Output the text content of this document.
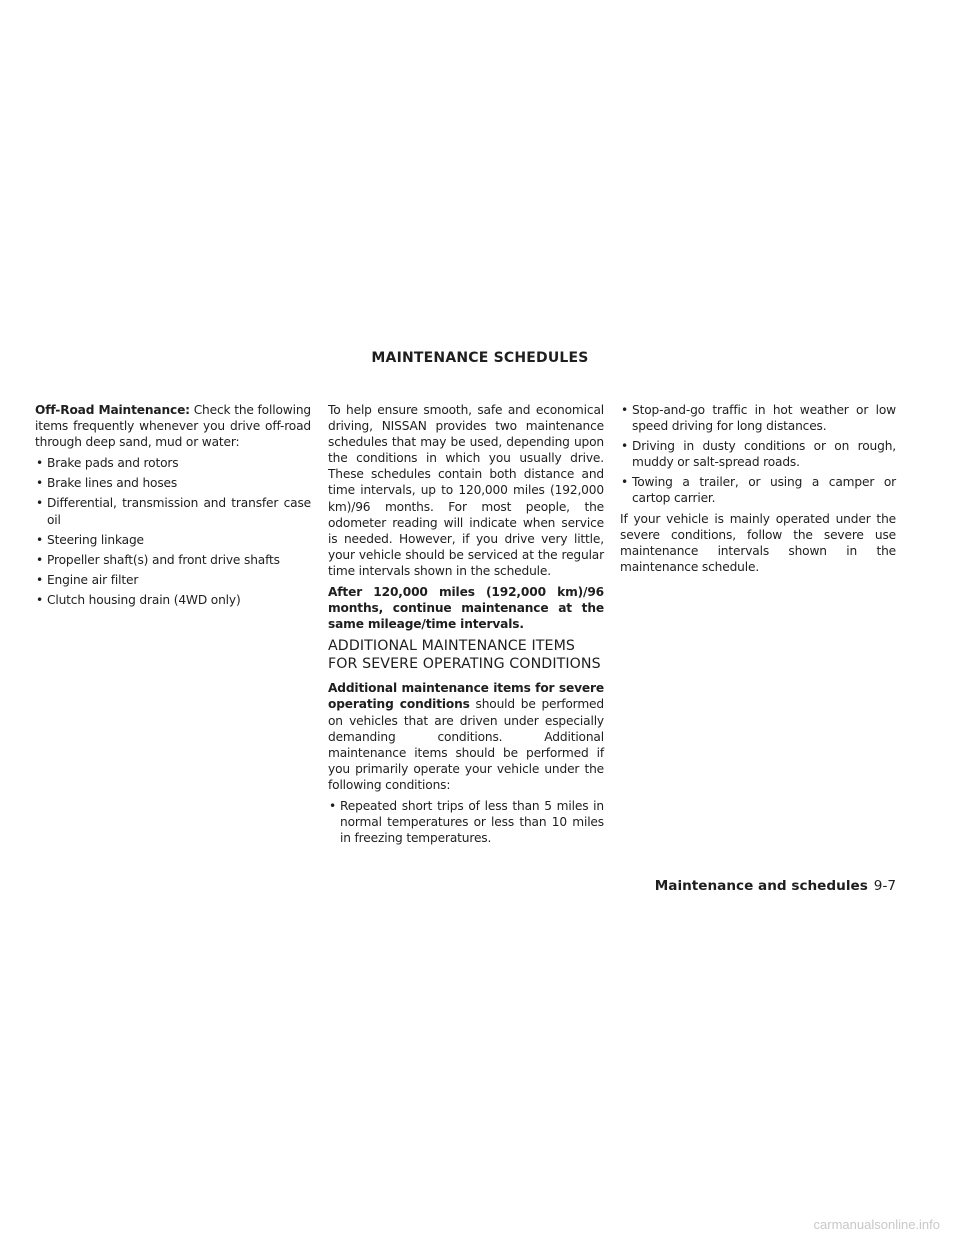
MAINTENANCE SCHEDULES

Off-Road Maintenance: Check the following items frequently whenever you drive off-road through deep sand, mud or water:

• Brake pads and rotors
• Brake lines and hoses
• Differential, transmission and transfer case oil
• Steering linkage
• Propeller shaft(s) and front drive shafts
• Engine air filter
• Clutch housing drain (4WD only)

To help ensure smooth, safe and economical driving, NISSAN provides two maintenance schedules that may be used, depending upon the conditions in which you usually drive. These schedules contain both distance and time intervals, up to 120,000 miles (192,000 km)/96 months. For most people, the odometer reading will indicate when service is needed. However, if you drive very little, your vehicle should be serviced at the regular time intervals shown in the schedule.

After 120,000 miles (192,000 km)/96 months, continue maintenance at the same mileage/time intervals.

ADDITIONAL MAINTENANCE ITEMS FOR SEVERE OPERATING CONDITIONS

Additional maintenance items for severe operating conditions should be performed on vehicles that are driven under especially demanding conditions. Additional maintenance items should be performed if you primarily operate your vehicle under the following conditions:

• Repeated short trips of less than 5 miles in normal temperatures or less than 10 miles in freezing temperatures.
• Stop-and-go traffic in hot weather or low speed driving for long distances.
• Driving in dusty conditions or on rough, muddy or salt-spread roads.
• Towing a trailer, or using a camper or cartop carrier.

If your vehicle is mainly operated under the severe conditions, follow the severe use maintenance intervals shown in the maintenance schedule.

Maintenance and schedules 9-7
carmanualsonline.info
